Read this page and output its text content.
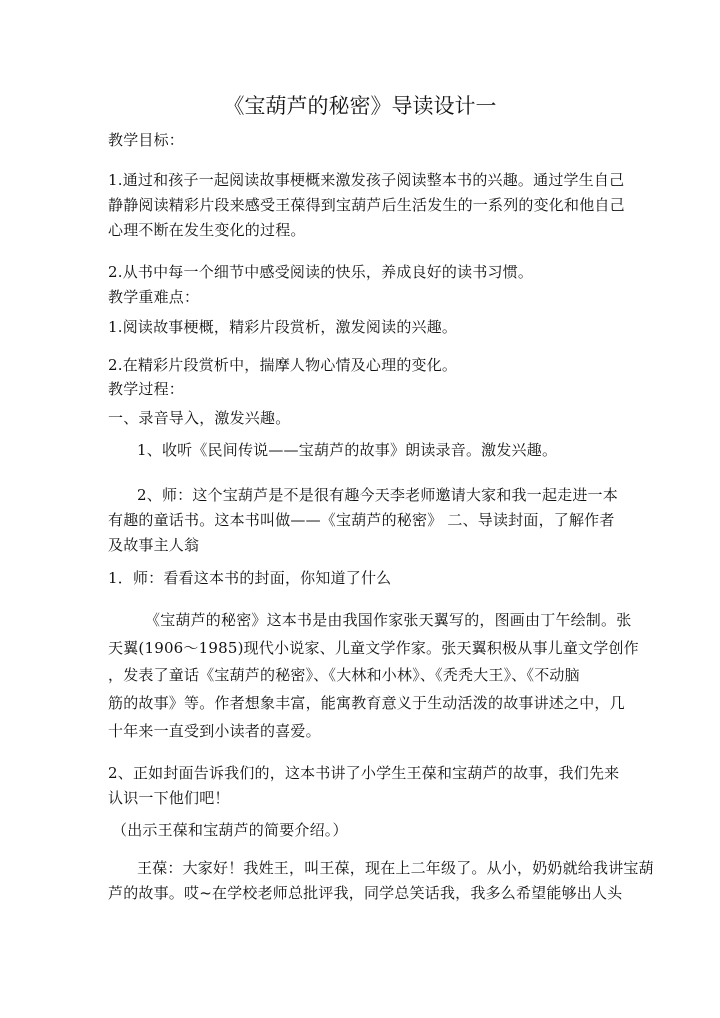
《宝葫芦的秘密》导读设计一
教学目标：
1.通过和孩子一起阅读故事梗概来激发孩子阅读整本书的兴趣。通过学生自己
静静阅读精彩片段来感受王葆得到宝葫芦后生活发生的一系列的变化和他自己
心理不断在发生变化的过程。
2.从书中每一个细节中感受阅读的快乐，养成良好的读书习惯。
教学重难点：
1.阅读故事梗概，精彩片段赏析，激发阅读的兴趣。
2.在精彩片段赏析中，揣摩人物心情及心理的变化。
教学过程：
一、录音导入，激发兴趣。
1、收听《民间传说——宝葫芦的故事》朗读录音。激发兴趣。
2、师：这个宝葫芦是不是很有趣今天李老师邀请大家和我一起走进一本
有趣的童话书。这本书叫做——《宝葫芦的秘密》 二、导读封面，了解作者
及故事主人翁
1．师：看看这本书的封面，你知道了什么
《宝葫芦的秘密》这本书是由我国作家张天翼写的，图画由丁午绘制。张
天翼(1906～1985)现代小说家、儿童文学作家。张天翼积极从事儿童文学创作
，发表了童话《宝葫芦的秘密》、《大林和小林》、《秃秃大王》、《不动脑
筋的故事》等。作者想象丰富，能寓教育意义于生动活泼的故事讲述之中，几
十年来一直受到小读者的喜爱。
2、正如封面告诉我们的，这本书讲了小学生王葆和宝葫芦的故事，我们先来
认识一下他们吧！
（出示王葆和宝葫芦的简要介绍。）
王葆：大家好！我姓王，叫王葆，现在上二年级了。从小，奶奶就给我讲宝葫
芦的故事。哎~在学校老师总批评我，同学总笑话我，我多么希望能够出人头
